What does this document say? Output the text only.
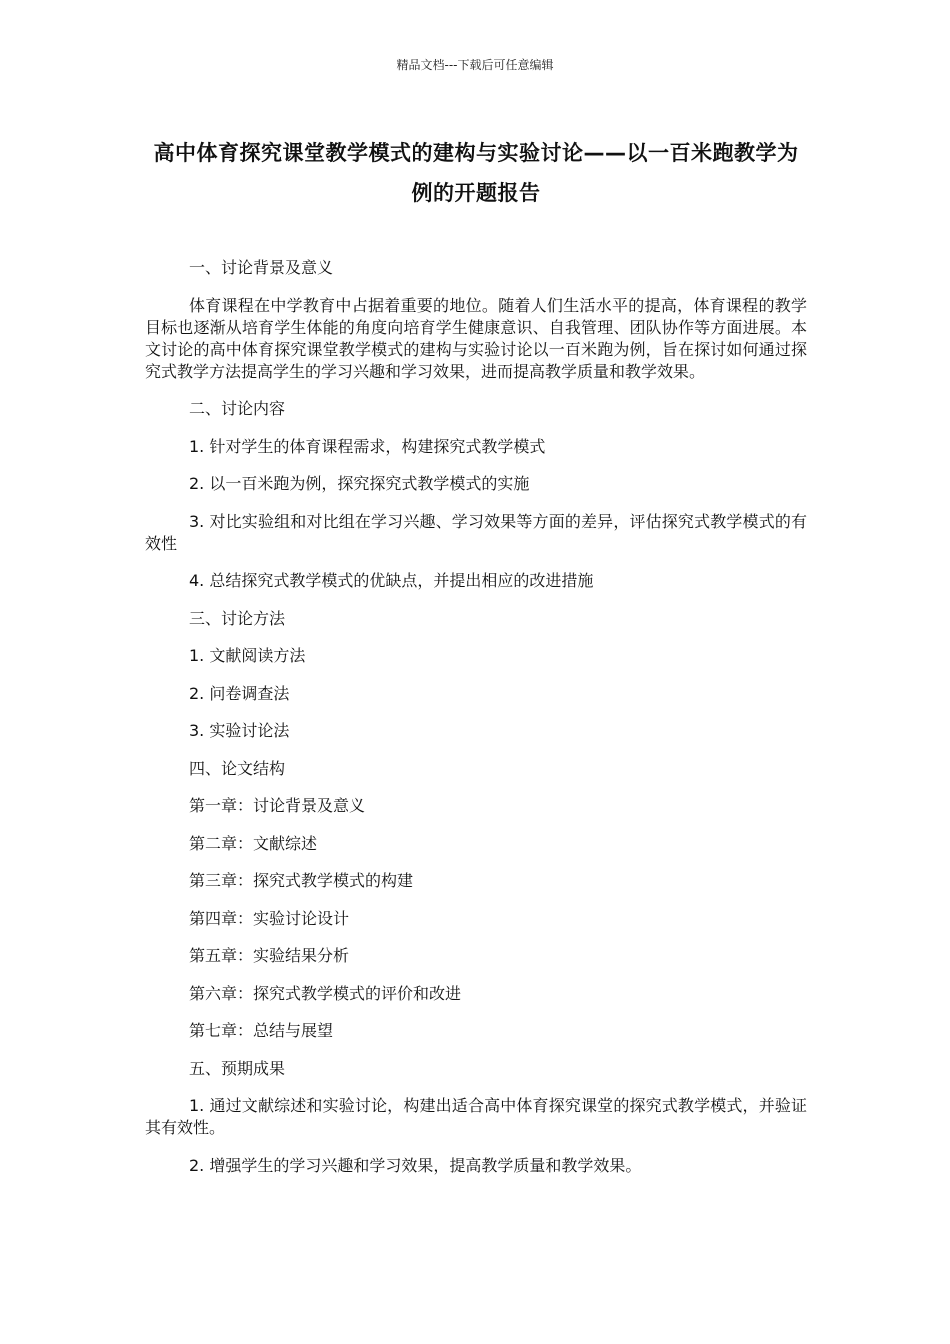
精品文档---下载后可任意编辑
高中体育探究课堂教学模式的建构与实验讨论——以一百米跑教学为例的开题报告

一、讨论背景及意义

体育课程在中学教育中占据着重要的地位。随着人们生活水平的提高，体育课程的教学目标也逐渐从培育学生体能的角度向培育学生健康意识、自我管理、团队协作等方面进展。本文讨论的高中体育探究课堂教学模式的建构与实验讨论以一百米跑为例，旨在探讨如何通过探究式教学方法提高学生的学习兴趣和学习效果，进而提高教学质量和教学效果。

二、讨论内容

1. 针对学生的体育课程需求，构建探究式教学模式

2. 以一百米跑为例，探究探究式教学模式的实施

3. 对比实验组和对比组在学习兴趣、学习效果等方面的差异，评估探究式教学模式的有效性

4. 总结探究式教学模式的优缺点，并提出相应的改进措施

三、讨论方法

1. 文献阅读方法

2. 问卷调查法

3. 实验讨论法

四、论文结构

第一章：讨论背景及意义

第二章：文献综述

第三章：探究式教学模式的构建

第四章：实验讨论设计

第五章：实验结果分析

第六章：探究式教学模式的评价和改进

第七章：总结与展望

五、预期成果

1. 通过文献综述和实验讨论，构建出适合高中体育探究课堂的探究式教学模式，并验证其有效性。

2. 增强学生的学习兴趣和学习效果，提高教学质量和教学效果。
